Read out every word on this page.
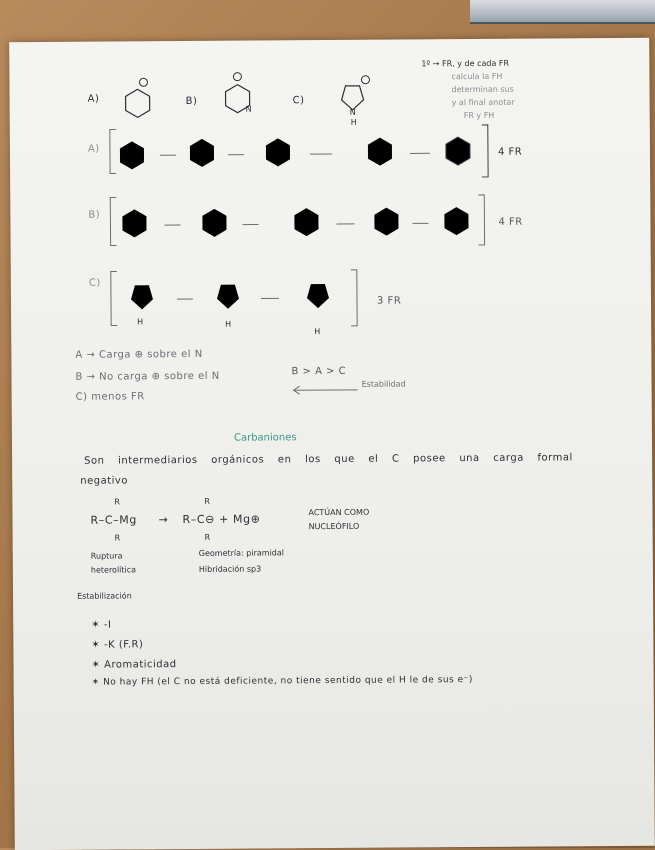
1º → FR, y de cada FR
calcula la FH
determinan sus
y al final anotar
FR y FH
A)	B)
N
C)
N
H
A)	4 FR
B)
4 FR
C)
H	H
H
3 FR
A → Carga ⊕ sobre el N
B → No carga ⊕ sobre el N
C) menos FR
B > A > C
Estabilidad
Carbaniones
Son intermediarios orgánicos en los que el C posee una carga formal
negativo
R
R–C–Mg
R
→
R
R–C⊖ + Mg⊕
R
ACTÚAN COMO
NUCLEÓFILO
Ruptura
heterolítica
Geometría: piramidal
Hibridación sp3
Estabilización
✶ -I
✶ -K (F.R)
✶ Aromaticidad
✶ No hay FH (el C no está deficiente, no tiene sentido que el H le de sus e⁻)
